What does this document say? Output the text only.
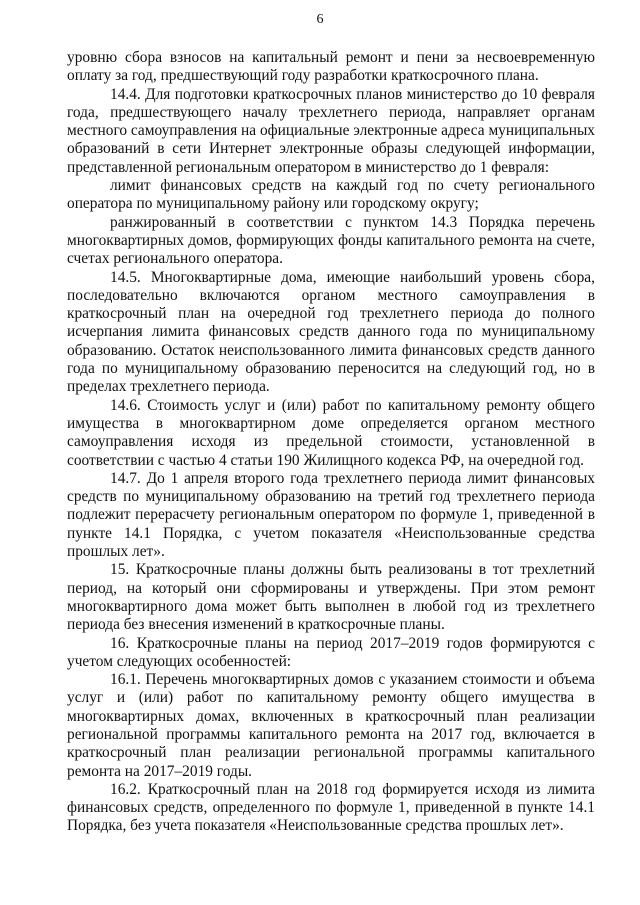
6

уровню сбора взносов на капитальный ремонт и пени за несвоевременную оплату за год, предшествующий году разработки краткосрочного плана.

14.4. Для подготовки краткосрочных планов министерство до 10 февраля года, предшествующего началу трехлетнего периода, направляет органам местного самоуправления на официальные электронные адреса муниципальных образований в сети Интернет электронные образы следующей информации, представленной региональным оператором в министерство до 1 февраля:

лимит финансовых средств на каждый год по счету регионального оператора по муниципальному району или городскому округу;

ранжированный в соответствии с пунктом 14.3 Порядка перечень многоквартирных домов, формирующих фонды капитального ремонта на счете, счетах регионального оператора.

14.5. Многоквартирные дома, имеющие наибольший уровень сбора, последовательно включаются органом местного самоуправления в краткосрочный план на очередной год трехлетнего периода до полного исчерпания лимита финансовых средств данного года по муниципальному образованию. Остаток неиспользованного лимита финансовых средств данного года по муниципальному образованию переносится на следующий год, но в пределах трехлетнего периода.

14.6. Стоимость услуг и (или) работ по капитальному ремонту общего имущества в многоквартирном доме определяется органом местного самоуправления исходя из предельной стоимости, установленной в соответствии с частью 4 статьи 190 Жилищного кодекса РФ, на очередной год.

14.7. До 1 апреля второго года трехлетнего периода лимит финансовых средств по муниципальному образованию на третий год трехлетнего периода подлежит перерасчету региональным оператором по формуле 1, приведенной в пункте 14.1 Порядка, с учетом показателя «Неиспользованные средства прошлых лет».

15. Краткосрочные планы должны быть реализованы в тот трехлетний период, на который они сформированы и утверждены. При этом ремонт многоквартирного дома может быть выполнен в любой год из трехлетнего периода без внесения изменений в краткосрочные планы.

16. Краткосрочные планы на период 2017–2019 годов формируются с учетом следующих особенностей:

16.1. Перечень многоквартирных домов с указанием стоимости и объема услуг и (или) работ по капитальному ремонту общего имущества в многоквартирных домах, включенных в краткосрочный план реализации региональной программы капитального ремонта на 2017 год, включается в краткосрочный план реализации региональной программы капитального ремонта на 2017–2019 годы.

16.2. Краткосрочный план на 2018 год формируется исходя из лимита финансовых средств, определенного по формуле 1, приведенной в пункте 14.1 Порядка, без учета показателя «Неиспользованные средства прошлых лет».
